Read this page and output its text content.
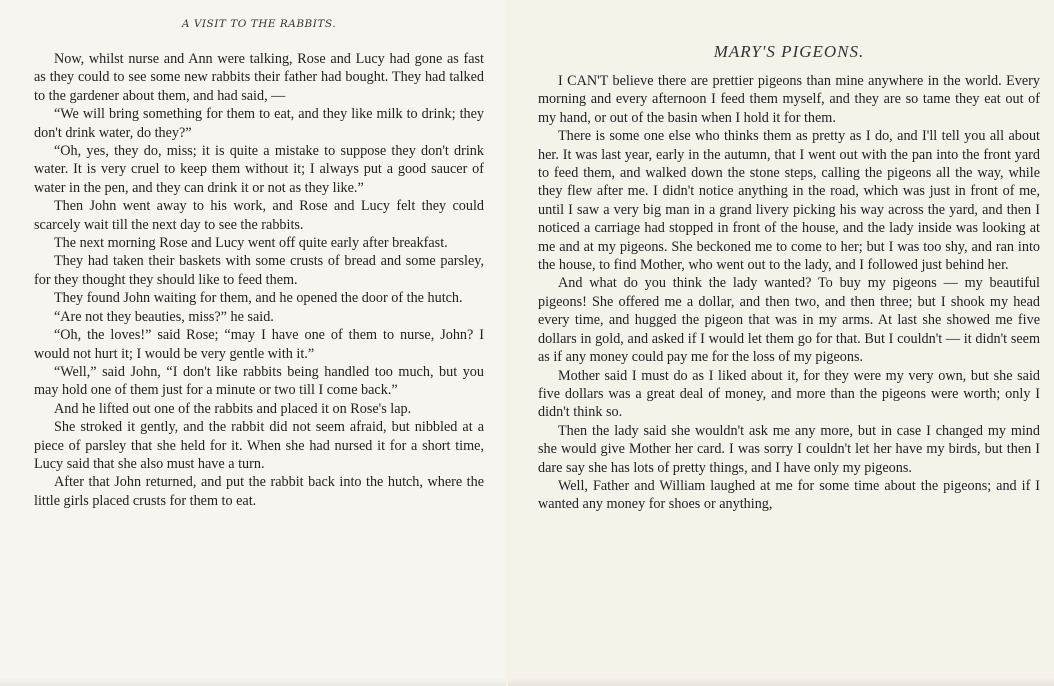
A VISIT TO THE RABBITS.

Now, whilst nurse and Ann were talking, Rose and Lucy had gone as fast as they could to see some new rabbits their father had bought. They had talked to the gardener about them, and had said, —

“We will bring something for them to eat, and they like milk to drink; they don't drink water, do they?”

“Oh, yes, they do, miss; it is quite a mistake to suppose they don't drink water. It is very cruel to keep them without it; I always put a good saucer of water in the pen, and they can drink it or not as they like.”

Then John went away to his work, and Rose and Lucy felt they could scarcely wait till the next day to see the rabbits.

The next morning Rose and Lucy went off quite early after breakfast.

They had taken their baskets with some crusts of bread and some parsley, for they thought they should like to feed them.

They found John waiting for them, and he opened the door of the hutch.

“Are not they beauties, miss?” he said.

“Oh, the loves!” said Rose; “may I have one of them to nurse, John? I would not hurt it; I would be very gentle with it.”

“Well,” said John, “I don't like rabbits being handled too much, but you may hold one of them just for a minute or two till I come back.”

And he lifted out one of the rabbits and placed it on Rose's lap.

She stroked it gently, and the rabbit did not seem afraid, but nibbled at a piece of parsley that she held for it. When she had nursed it for a short time, Lucy said that she also must have a turn.

After that John returned, and put the rabbit back into the hutch, where the little girls placed crusts for them to eat.

MARY'S PIGEONS.

I CAN'T believe there are prettier pigeons than mine anywhere in the world. Every morning and every afternoon I feed them myself, and they are so tame they eat out of my hand, or out of the basin when I hold it for them.

There is some one else who thinks them as pretty as I do, and I'll tell you all about her. It was last year, early in the autumn, that I went out with the pan into the front yard to feed them, and walked down the stone steps, calling the pigeons all the way, while they flew after me. I didn't notice anything in the road, which was just in front of me, until I saw a very big man in a grand livery picking his way across the yard, and then I noticed a carriage had stopped in front of the house, and the lady inside was looking at me and at my pigeons. She beckoned me to come to her; but I was too shy, and ran into the house, to find Mother, who went out to the lady, and I followed just behind her.

And what do you think the lady wanted? To buy my pigeons — my beautiful pigeons! She offered me a dollar, and then two, and then three; but I shook my head every time, and hugged the pigeon that was in my arms. At last she showed me five dollars in gold, and asked if I would let them go for that. But I couldn't — it didn't seem as if any money could pay me for the loss of my pigeons.

Mother said I must do as I liked about it, for they were my very own, but she said five dollars was a great deal of money, and more than the pigeons were worth; only I didn't think so.

Then the lady said she wouldn't ask me any more, but in case I changed my mind she would give Mother her card. I was sorry I couldn't let her have my birds, but then I dare say she has lots of pretty things, and I have only my pigeons.

Well, Father and William laughed at me for some time about the pigeons; and if I wanted any money for shoes or anything,
